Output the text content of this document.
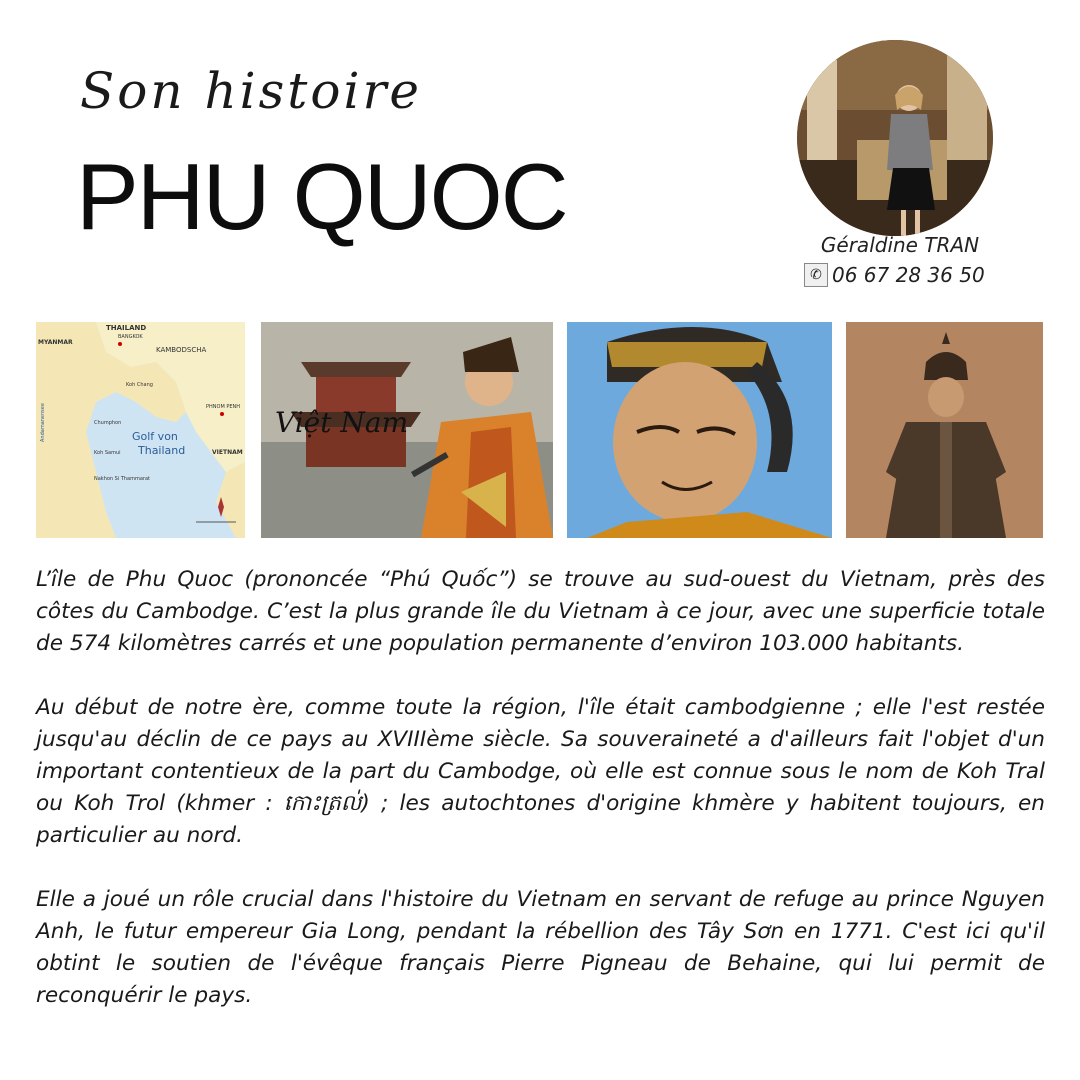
Son histoire
PHU QUOC	Géraldine TRAN
✆ 06 67 28 36 50
THAILAND
MYANMAR
KAMBODSCHA
BANGKOK
PHNOM PENH
Koh Chang
Chumphon
Koh Samui
Nakhon Si Thammarat
Golf von
Thailand	VIETNAM
Andamanensee	Việt Nam

L’île de Phu Quoc (prononcée “Phú Quốc”) se trouve au sud-ouest du Vietnam, près des côtes du Cambodge. C’est la plus grande île du Vietnam à ce jour, avec une superficie totale de 574 kilomètres carrés et une population permanente d’environ 103.000 habitants.

Au début de notre ère, comme toute la région, l'île était cambodgienne ; elle l'est restée jusqu'au déclin de ce pays au XVIIIème siècle. Sa souveraineté a d'ailleurs fait l'objet d'un important contentieux de la part du Cambodge, où elle est connue sous le nom de Koh Tral ou Koh Trol (khmer : កោះត្រល់) ; les autochtones d'origine khmère y habitent toujours, en particulier au nord.

Elle a joué un rôle crucial dans l'histoire du Vietnam en servant de refuge au prince Nguyen Anh, le futur empereur Gia Long, pendant la rébellion des Tây Sơn en 1771. C'est ici qu'il obtint le soutien de l'évêque français Pierre Pigneau de Behaine, qui lui permit de reconquérir le pays.
